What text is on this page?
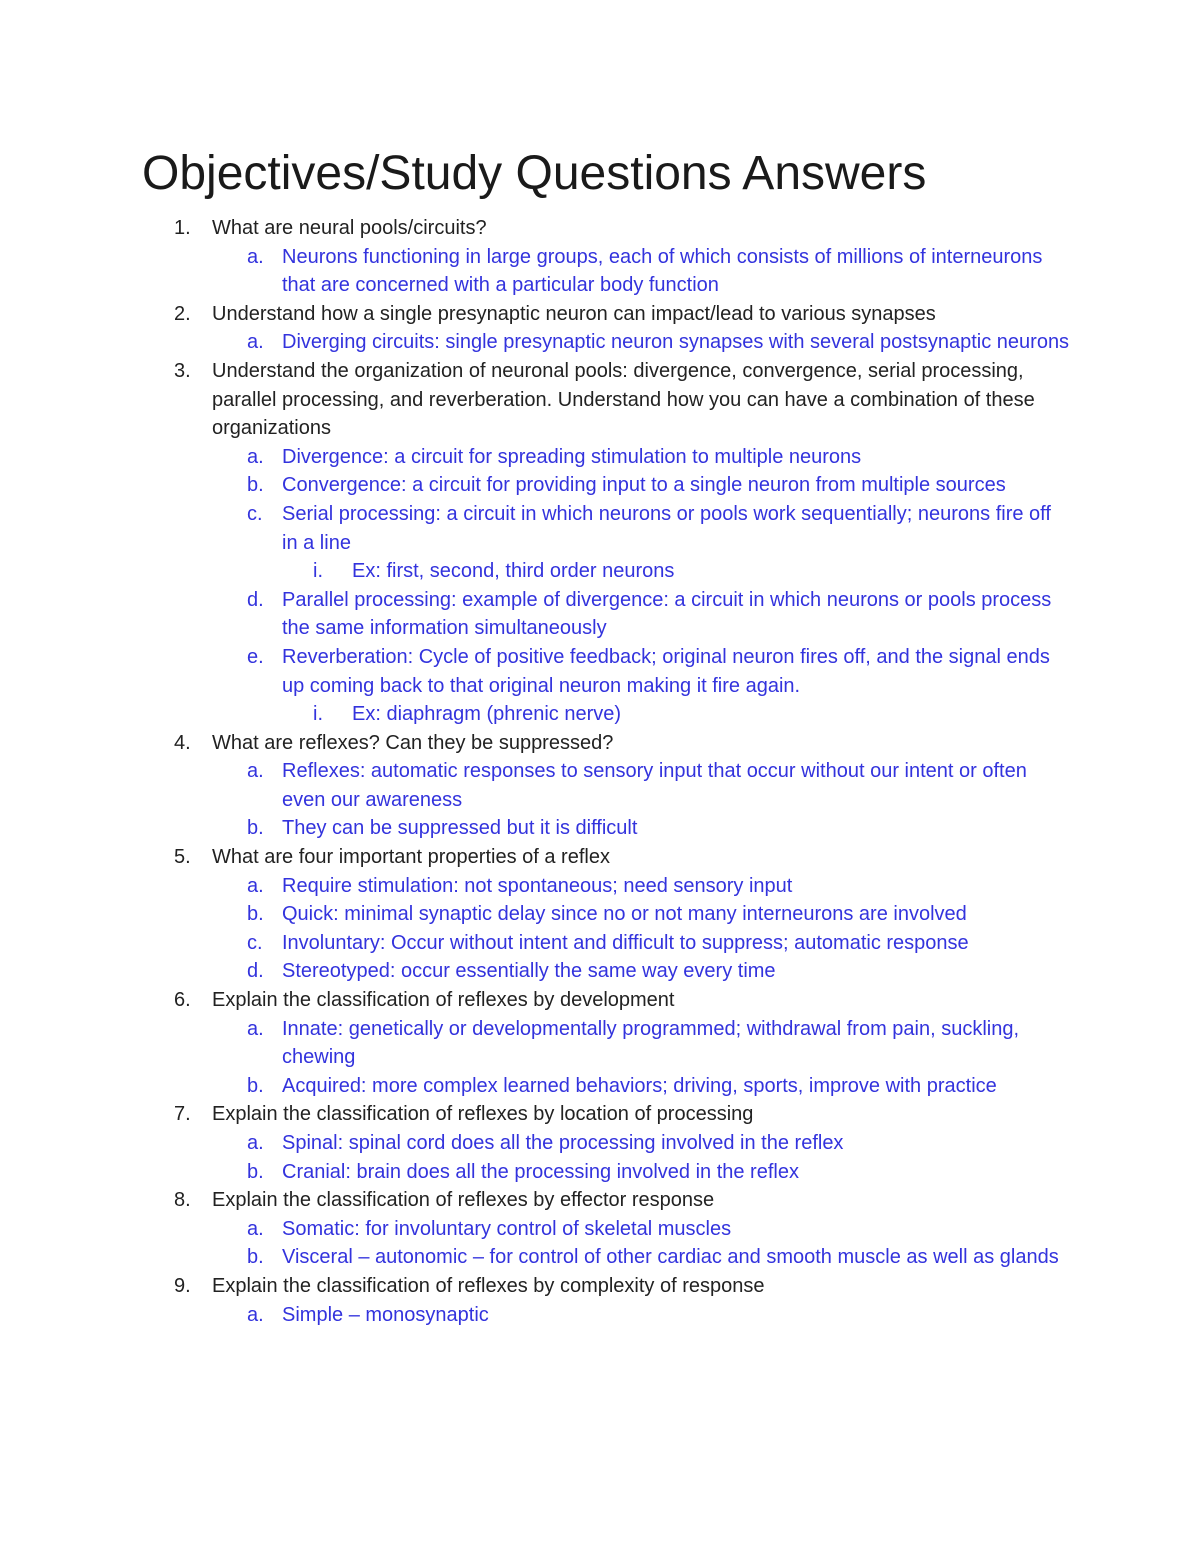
Objectives/Study Questions Answers
1. What are neural pools/circuits?
a. Neurons functioning in large groups, each of which consists of millions of interneurons that are concerned with a particular body function
2. Understand how a single presynaptic neuron can impact/lead to various synapses
a. Diverging circuits: single presynaptic neuron synapses with several postsynaptic neurons
3. Understand the organization of neuronal pools: divergence, convergence, serial processing, parallel processing, and reverberation. Understand how you can have a combination of these organizations
a. Divergence: a circuit for spreading stimulation to multiple neurons
b. Convergence: a circuit for providing input to a single neuron from multiple sources
c. Serial processing: a circuit in which neurons or pools work sequentially; neurons fire off in a line
i. Ex: first, second, third order neurons
d. Parallel processing: example of divergence: a circuit in which neurons or pools process the same information simultaneously
e. Reverberation: Cycle of positive feedback; original neuron fires off, and the signal ends up coming back to that original neuron making it fire again.
i. Ex: diaphragm (phrenic nerve)
4. What are reflexes? Can they be suppressed?
a. Reflexes: automatic responses to sensory input that occur without our intent or often even our awareness
b. They can be suppressed but it is difficult
5. What are four important properties of a reflex
a. Require stimulation: not spontaneous; need sensory input
b. Quick: minimal synaptic delay since no or not many interneurons are involved
c. Involuntary: Occur without intent and difficult to suppress; automatic response
d. Stereotyped: occur essentially the same way every time
6. Explain the classification of reflexes by development
a. Innate: genetically or developmentally programmed; withdrawal from pain, suckling, chewing
b. Acquired: more complex learned behaviors; driving, sports, improve with practice
7. Explain the classification of reflexes by location of processing
a. Spinal: spinal cord does all the processing involved in the reflex
b. Cranial: brain does all the processing involved in the reflex
8. Explain the classification of reflexes by effector response
a. Somatic: for involuntary control of skeletal muscles
b. Visceral – autonomic – for control of other cardiac and smooth muscle as well as glands
9. Explain the classification of reflexes by complexity of response
a. Simple – monosynaptic
